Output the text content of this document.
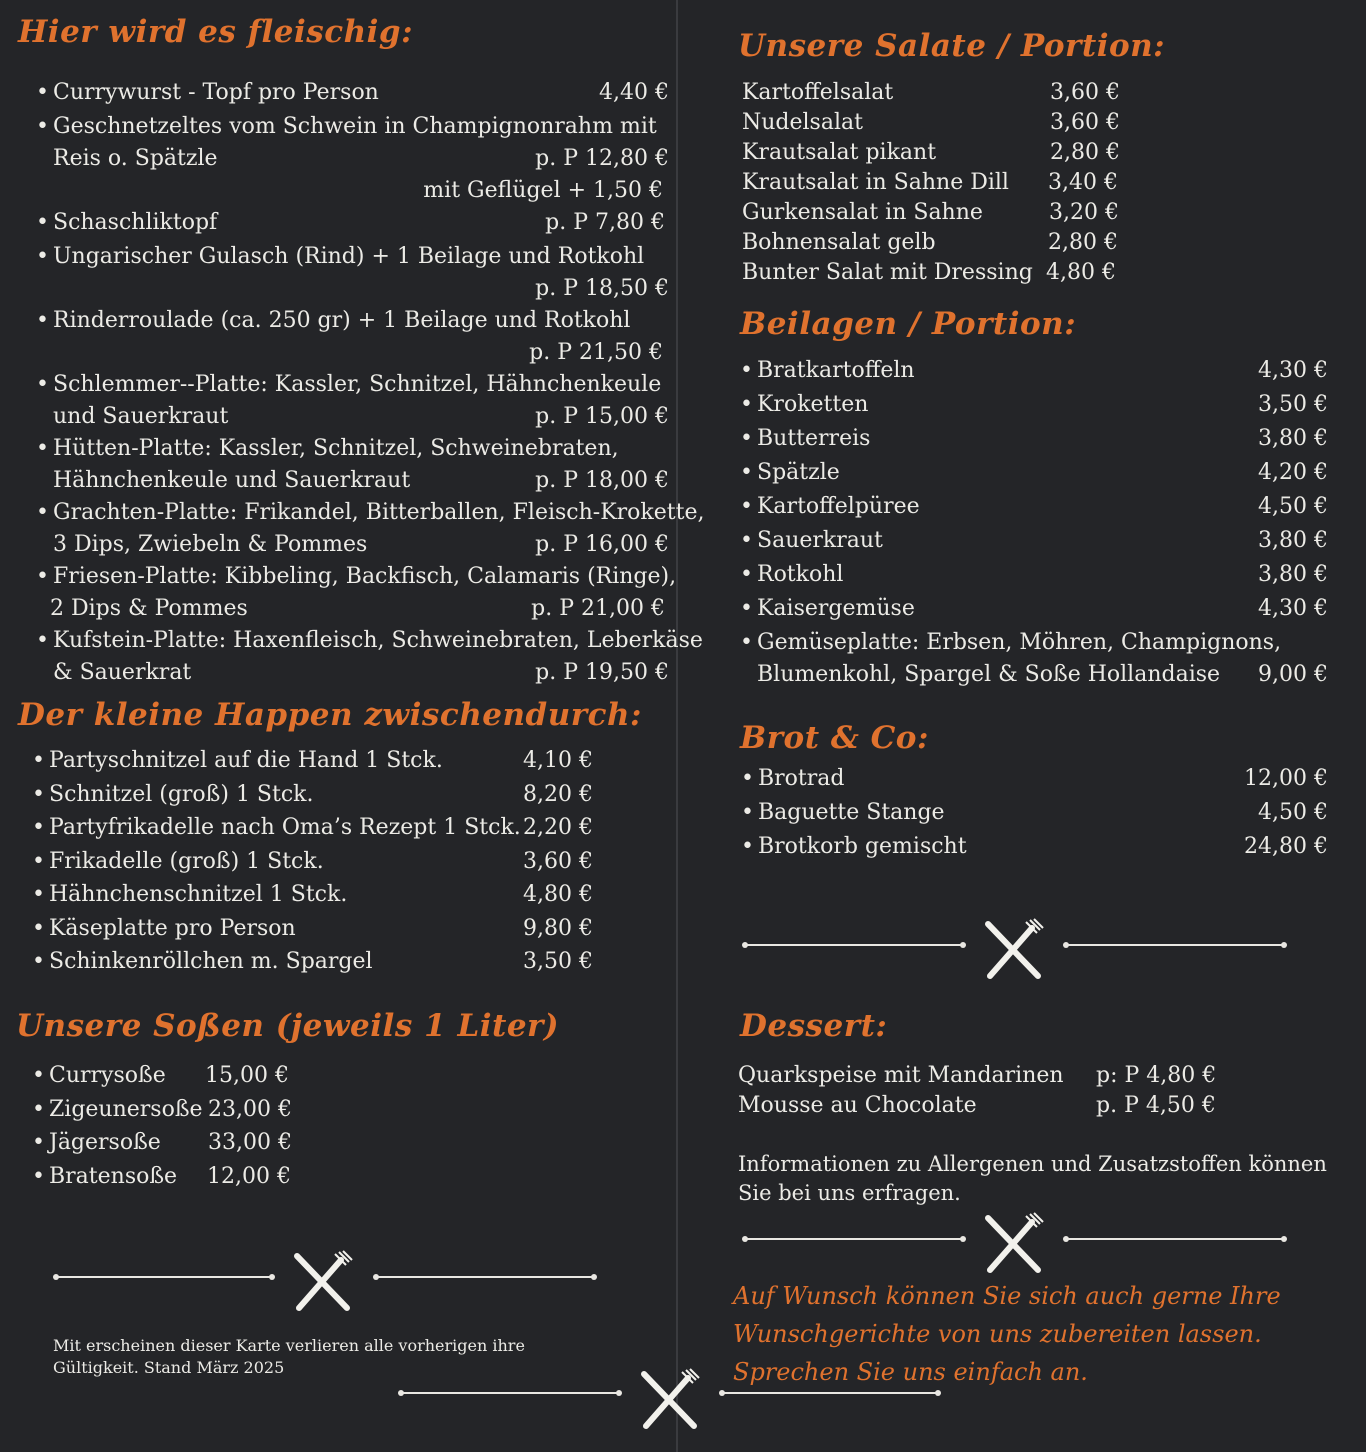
Hier wird es fleischig:
• Currywurst - Topf pro Person	4,40 €
• Geschnetzeltes vom Schwein in Champignonrahm mit
Reis o. Spätzle	p. P 12,80 €
mit Geflügel + 1,50 €
• Schaschliktopf	p. P 7,80 €
• Ungarischer Gulasch (Rind) + 1 Beilage und Rotkohl
p. P 18,50 €
• Rinderroulade (ca. 250 gr) + 1 Beilage und Rotkohl
p. P 21,50 €
• Schlemmer--Platte: Kassler, Schnitzel, Hähnchenkeule
und Sauerkraut	p. P 15,00 €
• Hütten-Platte: Kassler, Schnitzel, Schweinebraten,
Hähnchenkeule und Sauerkraut	p. P 18,00 €
• Grachten-Platte: Frikandel, Bitterballen, Fleisch-Krokette,
3 Dips, Zwiebeln & Pommes	p. P 16,00 €
• Friesen-Platte: Kibbeling, Backfisch, Calamaris (Ringe),
2 Dips & Pommes	p. P 21,00 €
• Kufstein-Platte: Haxenfleisch, Schweinebraten, Leberkäse
& Sauerkrat	p. P 19,50 €
Der kleine Happen zwischendurch:
• Partyschnitzel auf die Hand 1 Stck.	4,10 €
• Schnitzel (groß) 1 Stck.	8,20 €
• Partyfrikadelle nach Oma’s Rezept 1 Stck. 2,20 €
• Frikadelle (groß) 1 Stck.	3,60 €
• Hähnchenschnitzel 1 Stck.	4,80 €
• Käseplatte pro Person	9,80 €
• Schinkenröllchen m. Spargel	3,50 €
Unsere Soßen (jeweils 1 Liter)
• Currysoße 15,00 €
• Zigeunersoße 23,00 €
• Jägersoße 33,00 €
• Bratensoße 12,00 €
Mit erscheinen dieser Karte verlieren alle vorherigen ihre
Gültigkeit. Stand März 2025
Unsere Salate / Portion:
Kartoffelsalat	3,60 €
Nudelsalat	3,60 €
Krautsalat pikant	2,80 €
Krautsalat in Sahne Dill 3,40 €
Gurkensalat in Sahne	3,20 €
Bohnensalat gelb	2,80 €
Bunter Salat mit Dressing 4,80 €
Beilagen / Portion:
• Bratkartoffeln	4,30 €
• Kroketten	3,50 €
• Butterreis	3,80 €
• Spätzle	4,20 €
• Kartoffelpüree	4,50 €
• Sauerkraut	3,80 €
• Rotkohl	3,80 €
• Kaisergemüse	4,30 €
• Gemüseplatte: Erbsen, Möhren, Champignons,
Blumenkohl, Spargel & Soße Hollandaise 9,00 €
Brot & Co:
• Brotrad	12,00 €
• Baguette Stange	4,50 €
• Brotkorb gemischt	24,80 €
Dessert:
Quarkspeise mit Mandarinen p: P 4,80 €
Mousse au Chocolate	p. P 4,50 €
Informationen zu Allergenen und Zusatzstoffen können
Sie bei uns erfragen.
Auf Wunsch können Sie sich auch gerne Ihre
Wunschgerichte von uns zubereiten lassen.
Sprechen Sie uns einfach an.
